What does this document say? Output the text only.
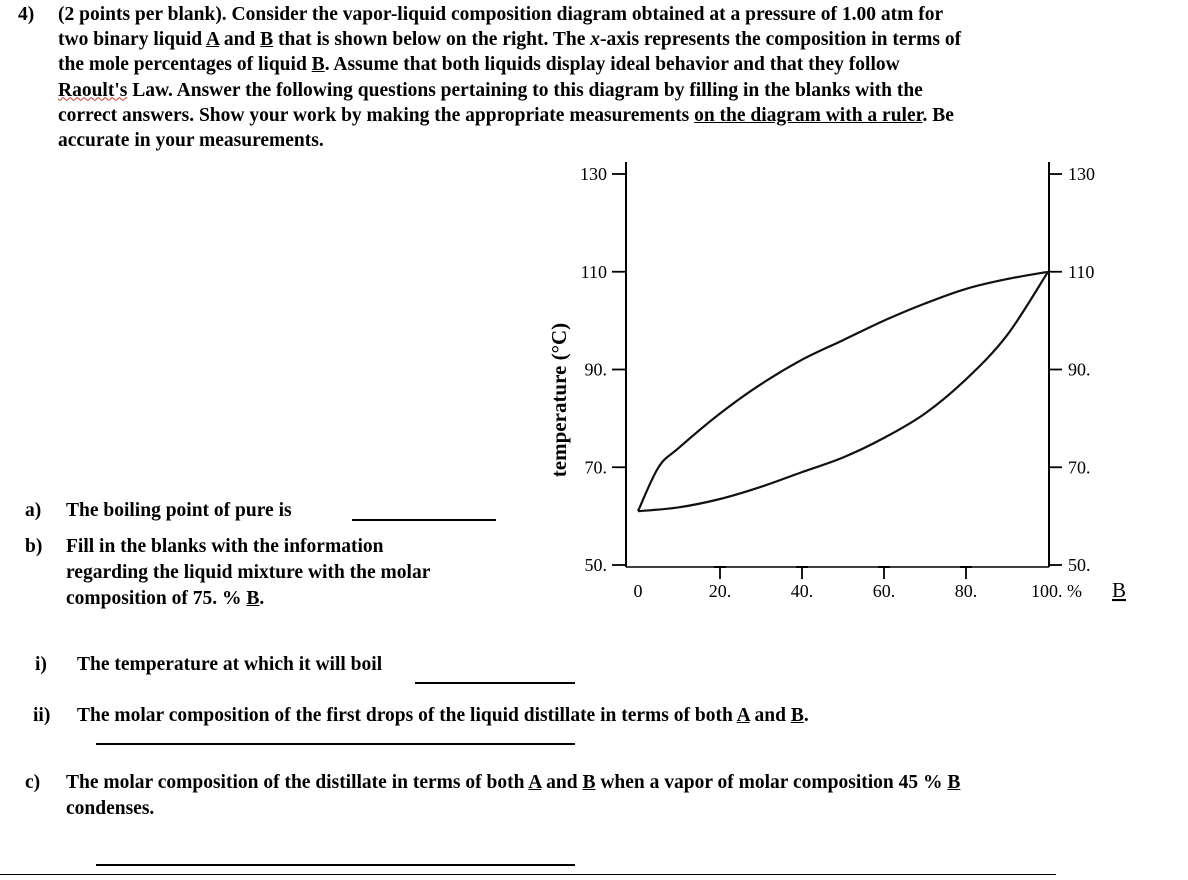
4) (2 points per blank). Consider the vapor-liquid composition diagram obtained at a pressure of 1.00 atm for
two binary liquid A and B that is shown below on the right. The x-axis represents the composition in terms of
the mole percentages of liquid B. Assume that both liquids display ideal behavior and that they follow
Raoult's Law. Answer the following questions pertaining to this diagram by filling in the blanks with the
correct answers. Show your work by making the appropriate measurements on the diagram with a ruler. Be
accurate in your measurements.
a) The boiling point of pure is
b) Fill in the blanks with the information
regarding the liquid mixture with the molar
composition of 75. % B.
i) The temperature at which it will boil
ii) The molar composition of the first drops of the liquid distillate in terms of both A and B.
c) The molar composition of the distillate in terms of both A and B when a vapor of molar composition 45 % B
condenses.
50.	50.
70.	70.
90.	90.
110	110
130	130
0	20.	40.	60.	80.	100. %
temperature (°C)
B
